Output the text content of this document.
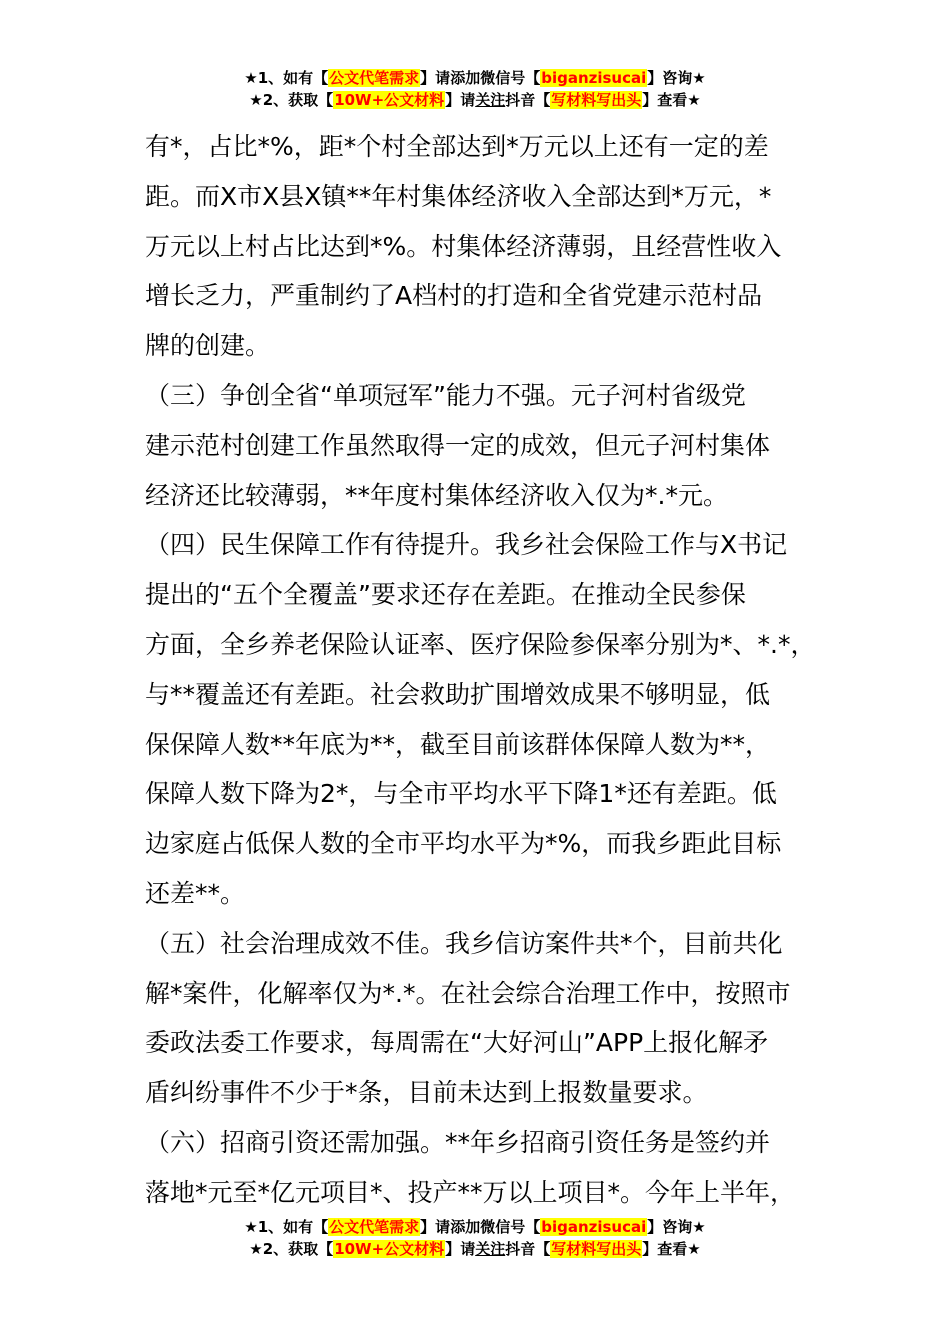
★1、如有【公文代笔需求】请添加微信号【biganzisucai】咨询★
★2、获取【10W+公文材料】请关注抖音【写材料写出头】查看★
有*，占比*%，距*个村全部达到*万元以上还有一定的差
距。而X市X县X镇**年村集体经济收入全部达到*万元，*
万元以上村占比达到*%。村集体经济薄弱，且经营性收入
增长乏力，严重制约了A档村的打造和全省党建示范村品
牌的创建。
（三）争创全省“单项冠军”能力不强。元子河村省级党
建示范村创建工作虽然取得一定的成效，但元子河村集体
经济还比较薄弱，**年度村集体经济收入仅为*.*元。
（四）民生保障工作有待提升。我乡社会保险工作与X书记
提出的“五个全覆盖”要求还存在差距。在推动全民参保
方面，全乡养老保险认证率、医疗保险参保率分别为*、*.*，
与**覆盖还有差距。社会救助扩围增效成果不够明显，低
保保障人数**年底为**，截至目前该群体保障人数为**，
保障人数下降为2*，与全市平均水平下降1*还有差距。低
边家庭占低保人数的全市平均水平为*%，而我乡距此目标
还差**。
（五）社会治理成效不佳。我乡信访案件共*个，目前共化
解*案件，化解率仅为*.*。在社会综合治理工作中，按照市
委政法委工作要求，每周需在“大好河山”APP上报化解矛
盾纠纷事件不少于*条，目前未达到上报数量要求。
（六）招商引资还需加强。**年乡招商引资任务是签约并
落地*元至*亿元项目*、投产**万以上项目*。今年上半年，
★1、如有【公文代笔需求】请添加微信号【biganzisucai】咨询★
★2、获取【10W+公文材料】请关注抖音【写材料写出头】查看★
